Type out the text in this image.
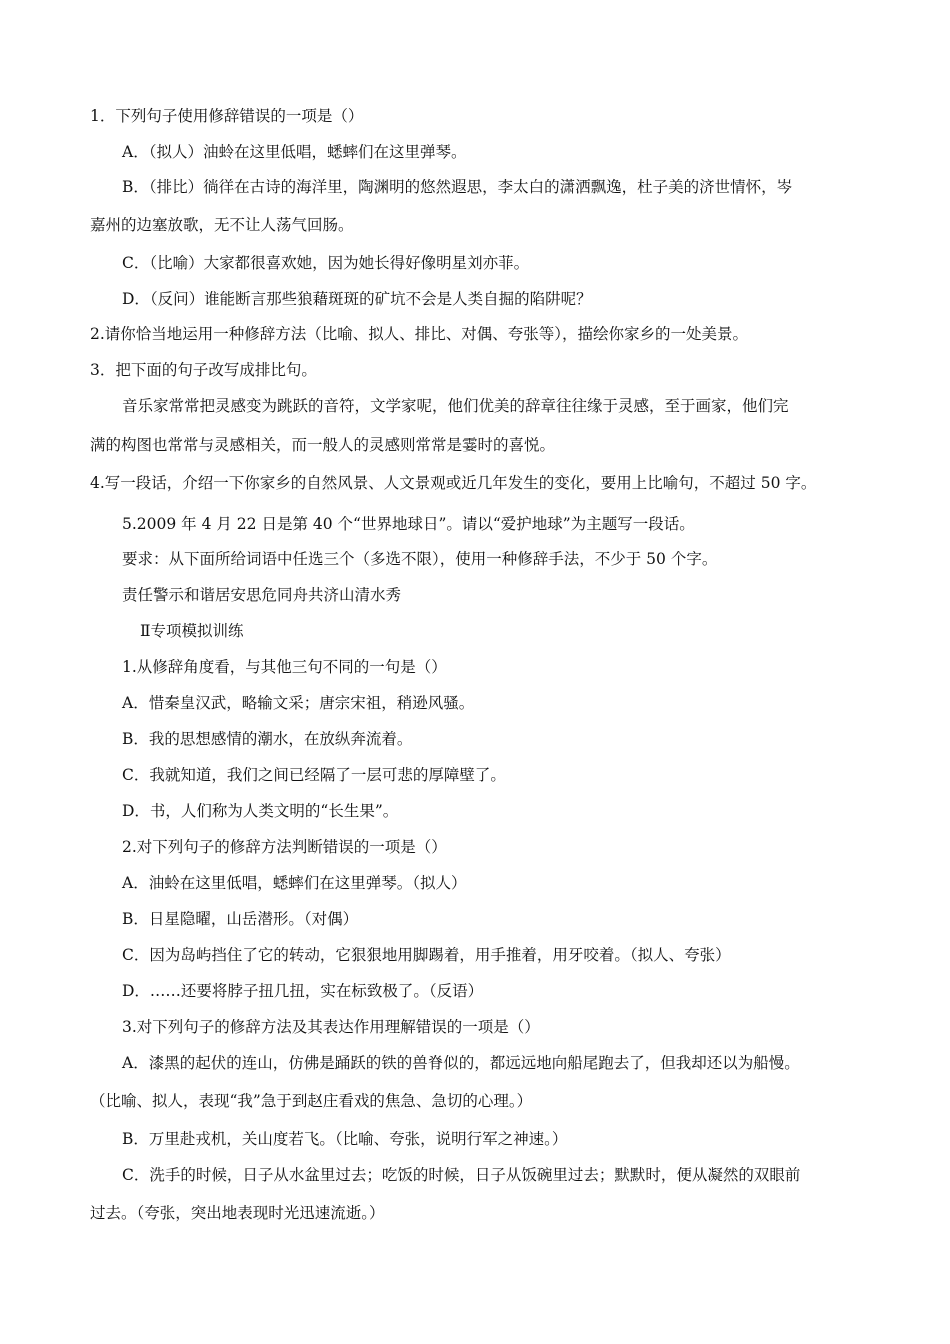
1．下列句子使用修辞错误的一项是（）
A．（拟人）油蛉在这里低唱，蟋蟀们在这里弹琴。
B．（排比）徜徉在古诗的海洋里，陶渊明的悠然遐思，李太白的潇洒飘逸，杜子美的济世情怀，岑
嘉州的边塞放歌，无不让人荡气回肠。
C．（比喻）大家都很喜欢她，因为她长得好像明星刘亦菲。
D．（反问）谁能断言那些狼藉斑斑的矿坑不会是人类自掘的陷阱呢？
2.请你恰当地运用一种修辞方法（比喻、拟人、排比、对偶、夸张等），描绘你家乡的一处美景。
3．把下面的句子改写成排比句。
音乐家常常把灵感变为跳跃的音符，文学家呢，他们优美的辞章往往缘于灵感，至于画家，他们完
满的构图也常常与灵感相关，而一般人的灵感则常常是霎时的喜悦。
4.写一段话，介绍一下你家乡的自然风景、人文景观或近几年发生的变化，要用上比喻句，不超过 50 字。
5.2009 年 4 月 22 日是第 40 个“世界地球日”。请以“爱护地球”为主题写一段话。
要求：从下面所给词语中任选三个（多选不限），使用一种修辞手法，不少于 50 个字。
责任警示和谐居安思危同舟共济山清水秀
Ⅱ专项模拟训练
1.从修辞角度看，与其他三句不同的一句是（）
A．惜秦皇汉武，略输文采；唐宗宋祖，稍逊风骚。
B．我的思想感情的潮水，在放纵奔流着。
C．我就知道，我们之间已经隔了一层可悲的厚障壁了。
D．书，人们称为人类文明的“长生果”。
2.对下列句子的修辞方法判断错误的一项是（）
A．油蛉在这里低唱，蟋蟀们在这里弹琴。（拟人）
B．日星隐曜，山岳潜形。（对偶）
C．因为岛屿挡住了它的转动，它狠狠地用脚踢着，用手推着，用牙咬着。（拟人、夸张）
D．……还要将脖子扭几扭，实在标致极了。（反语）
3.对下列句子的修辞方法及其表达作用理解错误的一项是（）
A．漆黑的起伏的连山，仿佛是踊跃的铁的兽脊似的，都远远地向船尾跑去了，但我却还以为船慢。
（比喻、拟人，表现“我”急于到赵庄看戏的焦急、急切的心理。）
B．万里赴戎机，关山度若飞。（比喻、夸张，说明行军之神速。）
C．洗手的时候，日子从水盆里过去；吃饭的时候，日子从饭碗里过去；默默时，便从凝然的双眼前
过去。（夸张，突出地表现时光迅速流逝。）
